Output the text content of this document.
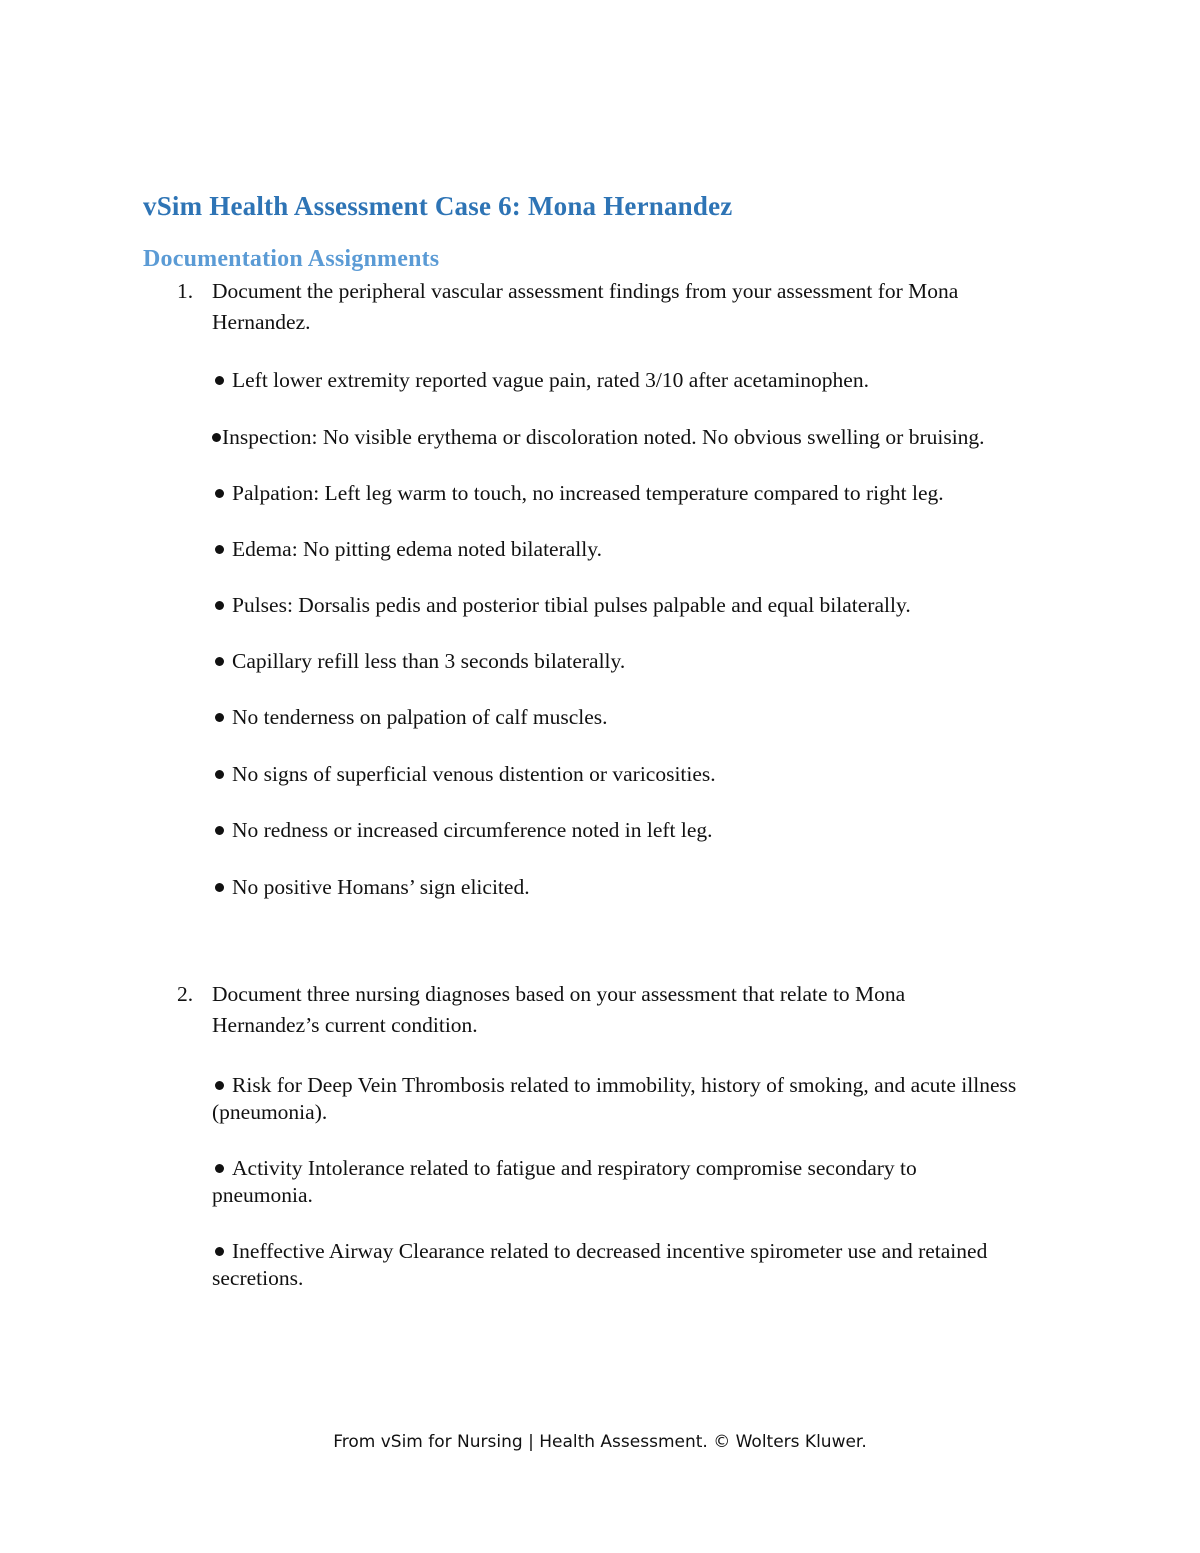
vSim Health Assessment Case 6: Mona Hernandez
Documentation Assignments
1. Document the peripheral vascular assessment findings from your assessment for Mona Hernandez.
Left lower extremity reported vague pain, rated 3/10 after acetaminophen.
Inspection: No visible erythema or discoloration noted. No obvious swelling or bruising.
Palpation: Left leg warm to touch, no increased temperature compared to right leg.
Edema: No pitting edema noted bilaterally.
Pulses: Dorsalis pedis and posterior tibial pulses palpable and equal bilaterally.
Capillary refill less than 3 seconds bilaterally.
No tenderness on palpation of calf muscles.
No signs of superficial venous distention or varicosities.
No redness or increased circumference noted in left leg.
No positive Homans’ sign elicited.
2. Document three nursing diagnoses based on your assessment that relate to Mona Hernandez’s current condition.
Risk for Deep Vein Thrombosis related to immobility, history of smoking, and acute illness (pneumonia).
Activity Intolerance related to fatigue and respiratory compromise secondary to pneumonia.
Ineffective Airway Clearance related to decreased incentive spirometer use and retained secretions.
From vSim for Nursing | Health Assessment. © Wolters Kluwer.
